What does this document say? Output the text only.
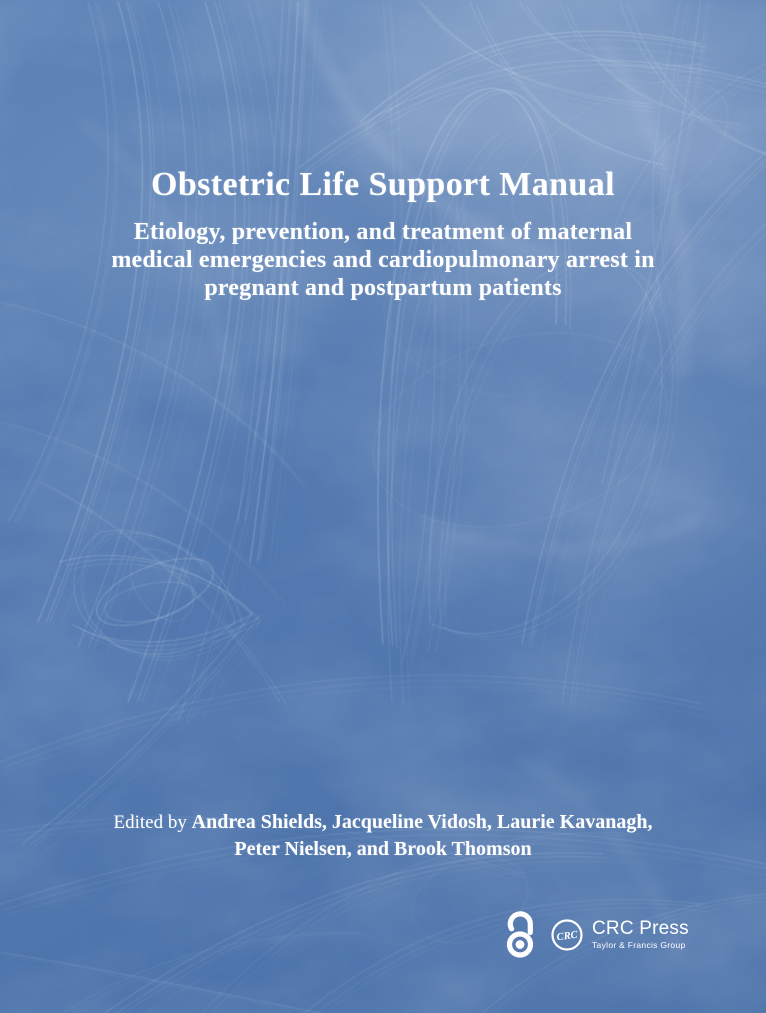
Obstetric Life Support Manual
Etiology, prevention, and treatment of maternal
medical emergencies and cardiopulmonary arrest in
pregnant and postpartum patients
Edited by Andrea Shields, Jacqueline Vidosh, Laurie Kavanagh,
Peter Nielsen, and Brook Thomson
CRC CRC Press
Taylor & Francis Group
